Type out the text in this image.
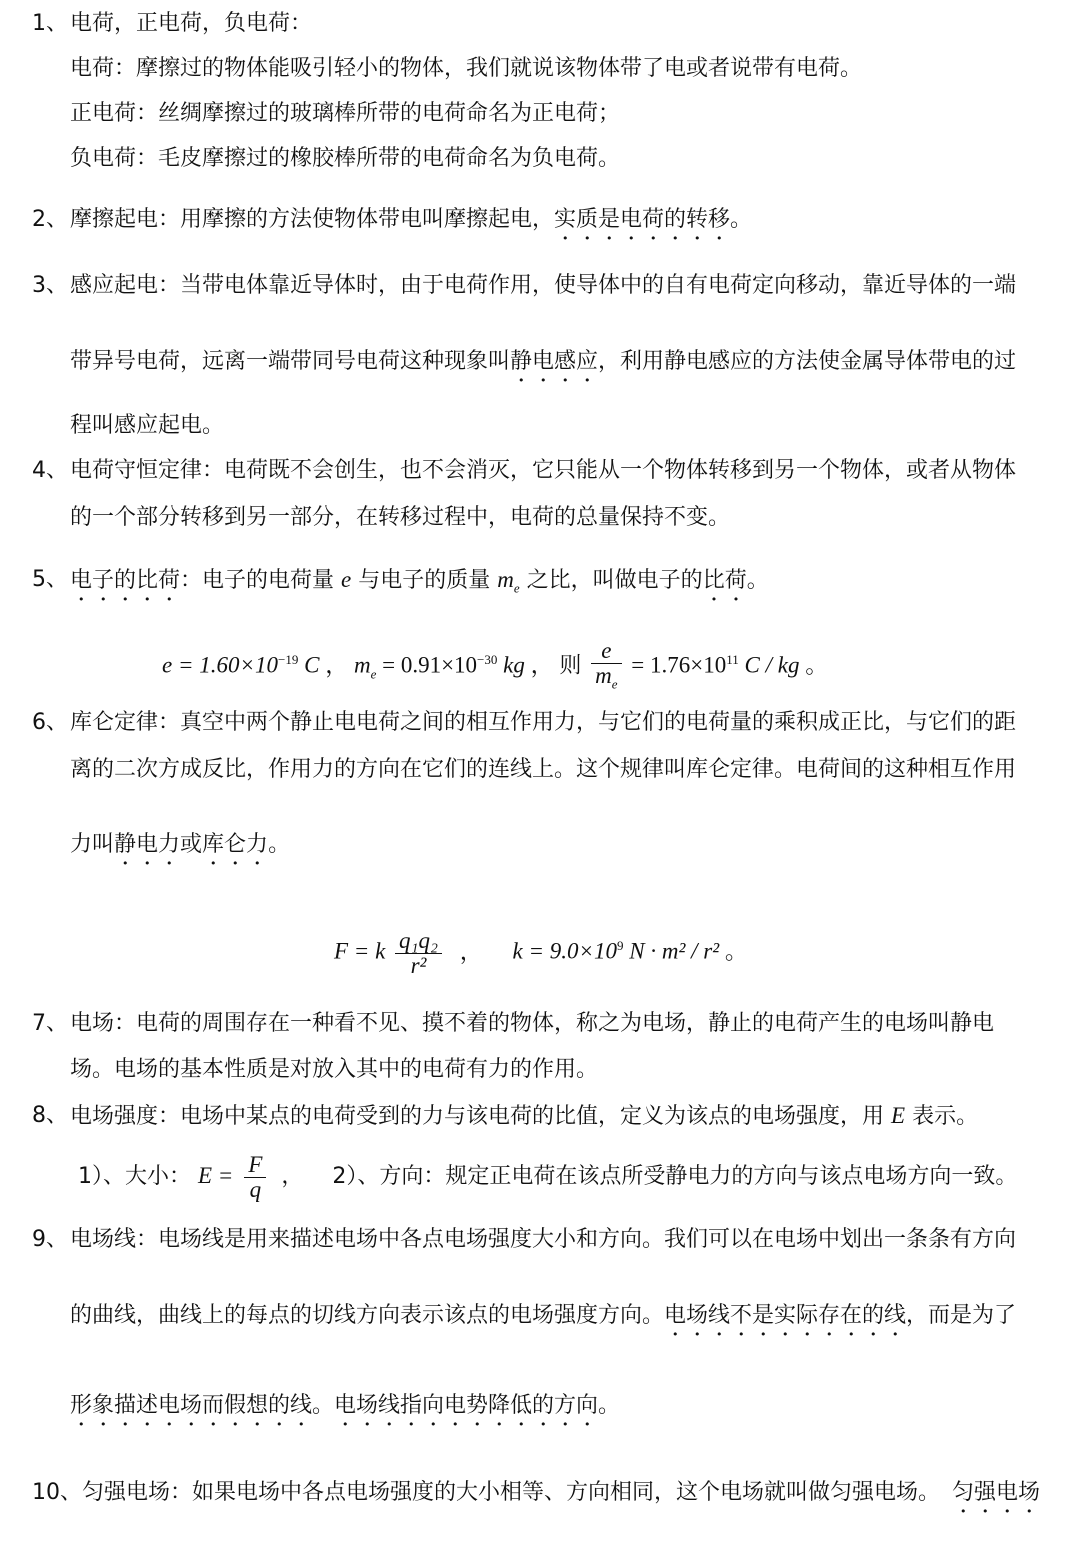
1、 电荷，正电荷，负电荷：
电荷：摩擦过的物体能吸引轻小的物体，我们就说该物体带了电或者说带有电荷。
正电荷：丝绸摩擦过的玻璃棒所带的电荷命名为正电荷；
负电荷：毛皮摩擦过的橡胶棒所带的电荷命名为负电荷。
2、 摩擦起电：用摩擦的方法使物体带电叫摩擦起电，实质是电荷的转移。
3、 感应起电：当带电体靠近导体时，由于电荷作用，使导体中的自有电荷定向移动，靠近导体的一端
带异号电荷，远离一端带同号电荷这种现象叫静电感应，利用静电感应的方法使金属导体带电的过
程叫感应起电。
4、 电荷守恒定律：电荷既不会创生，也不会消灭，它只能从一个物体转移到另一个物体，或者从物体
的一个部分转移到另一部分，在转移过程中，电荷的总量保持不变。
5、 电子的比荷：电子的电荷量 e 与电子的质量 $m_e$ 之比，叫做电子的比荷。
$e = 1.60\times 10^{-19}$ C ， $m_e = 0.91\times 10^{-30}$ kg ， 则 $\frac{e}{m_e} = 1.76\times 10^{11}$ C / kg 。
6、 库仑定律：真空中两个静止电电荷之间的相互作用力，与它们的电荷量的乘积成正比，与它们的距
离的二次方成反比，作用力的方向在它们的连线上。这个规律叫库仑定律。电荷间的这种相互作用
力叫静电力或库仑力。
F = k $\frac{\text{q₁q₂}}{\text{r²}}$ ， $k = 9.0\times 10^9$ N · m² / r² 。
7、 电场：电荷的周围存在一种看不见、摸不着的物体，称之为电场，静止的电荷产生的电场叫静电
场。电场的基本性质是对放入其中的电荷有力的作用。
8、 电场强度：电场中某点的电荷受到的力与该电荷的比值，定义为该点的电场强度，用 E 表示。
1）、大小： $E = \frac{F}{q}$ ， 2）、方向：规定正电荷在该点所受静电力的方向与该点电场方向一致。
9、 电场线：电场线是用来描述电场中各点电场强度大小和方向。我们可以在电场中划出一条条有方向
的曲线，曲线上的每点的切线方向表示该点的电场强度方向。电场线不是实际存在的线，而是为了
形象描述电场而假想的线。电场线指向电势降低的方向。
10、 匀强电场：如果电场中各点电场强度的大小相等、方向相同，这个电场就叫做匀强电场。 匀强电场
